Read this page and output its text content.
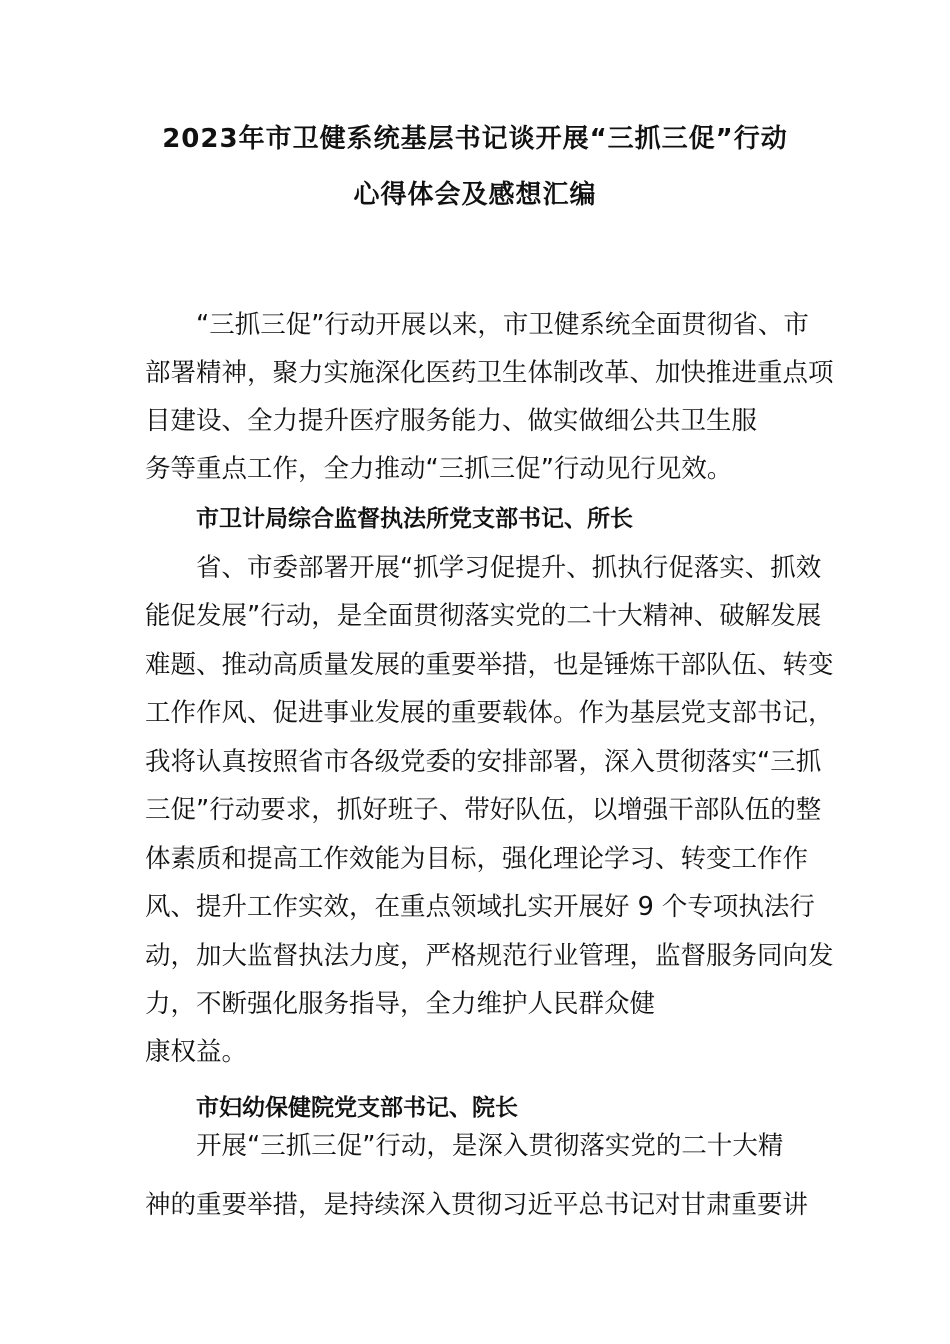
2023年市卫健系统基层书记谈开展“三抓三促”行动
心得体会及感想汇编
　　“三抓三促”行动开展以来，市卫健系统全面贯彻省、市
部署精神，聚力实施深化医药卫生体制改革、加快推进重点项
目建设、全力提升医疗服务能力、做实做细公共卫生服
务等重点工作，全力推动“三抓三促”行动见行见效。
市卫计局综合监督执法所党支部书记、所长
　　省、市委部署开展“抓学习促提升、抓执行促落实、抓效
能促发展”行动，是全面贯彻落实党的二十大精神、破解发展
难题、推动高质量发展的重要举措，也是锤炼干部队伍、转变
工作作风、促进事业发展的重要载体。作为基层党支部书记，
我将认真按照省市各级党委的安排部署，深入贯彻落实“三抓
三促”行动要求，抓好班子、带好队伍，以增强干部队伍的整
体素质和提高工作效能为目标，强化理论学习、转变工作作
风、提升工作实效，在重点领域扎实开展好 9 个专项执法行
动，加大监督执法力度，严格规范行业管理，监督服务同向发
力，不断强化服务指导，全力维护人民群众健
康权益。
市妇幼保健院党支部书记、院长
　　开展“三抓三促”行动，是深入贯彻落实党的二十大精
神的重要举措，是持续深入贯彻习近平总书记对甘肃重要讲
